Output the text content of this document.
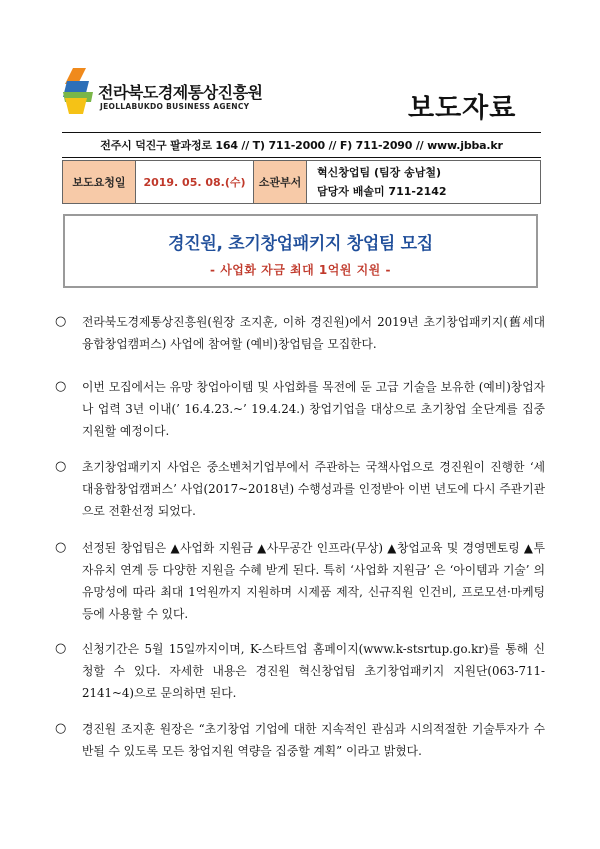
전라북도경제통상진흥원
JEOLLABUKDO BUSINESS AGENCY	보도자료
전주시 덕진구 팔과정로 164 // T) 711-2000 // F) 711-2090 // www.jbba.kr
보도요청일	2019. 05. 08.(수)	소관부서	
혁신창업팀 (팀장 송남철)
담당자 배솔미 711-2142
경진원, 초기창업패키지 창업팀 모집
- 사업화 자금 최대 1억원 지원 -
○	전라북도경제통상진흥원(원장 조지훈, 이하 경진원)에서 2019년 초기창업패키지(舊세대융합창업캠퍼스) 사업에 참여할 (예비)창업팀을 모집한다.
○	이번 모집에서는 유망 창업아이템 및 사업화를 목전에 둔 고급 기술을 보유한 (예비)창업자나 업력 3년 이내(’ 16.4.23.~’ 19.4.24.) 창업기업을 대상으로 초기창업 全단계를 집중 지원할 예정이다.
○	초기창업패키지 사업은 중소벤처기업부에서 주관하는 국책사업으로 경진원이 진행한 ‘세대융합창업캠퍼스’ 사업(2017~2018년) 수행성과를 인정받아 이번 년도에 다시 주관기관으로 전환선정 되었다.
○	선정된 창업팀은 ▲사업화 지원금 ▲사무공간 인프라(무상) ▲창업교육 및 경영멘토링 ▲투자유치 연계 등 다양한 지원을 수혜 받게 된다. 특히 ‘사업화 지원금’ 은 ‘아이템과 기술’ 의 유망성에 따라 최대 1억원까지 지원하며 시제품 제작, 신규직원 인건비, 프로모션·마케팅 등에 사용할 수 있다.
○	신청기간은 5월 15일까지이며, K-스타트업 홈페이지(www.k-stsrtup.go.kr)를 통해 신청할 수 있다. 자세한 내용은 경진원 혁신창업팀 초기창업패키지 지원단(063-711-2141~4)으로 문의하면 된다.
○	경진원 조지훈 원장은 “초기창업 기업에 대한 지속적인 관심과 시의적절한 기술투자가 수반될 수 있도록 모든 창업지원 역량을 집중할 계획” 이라고 밝혔다.
